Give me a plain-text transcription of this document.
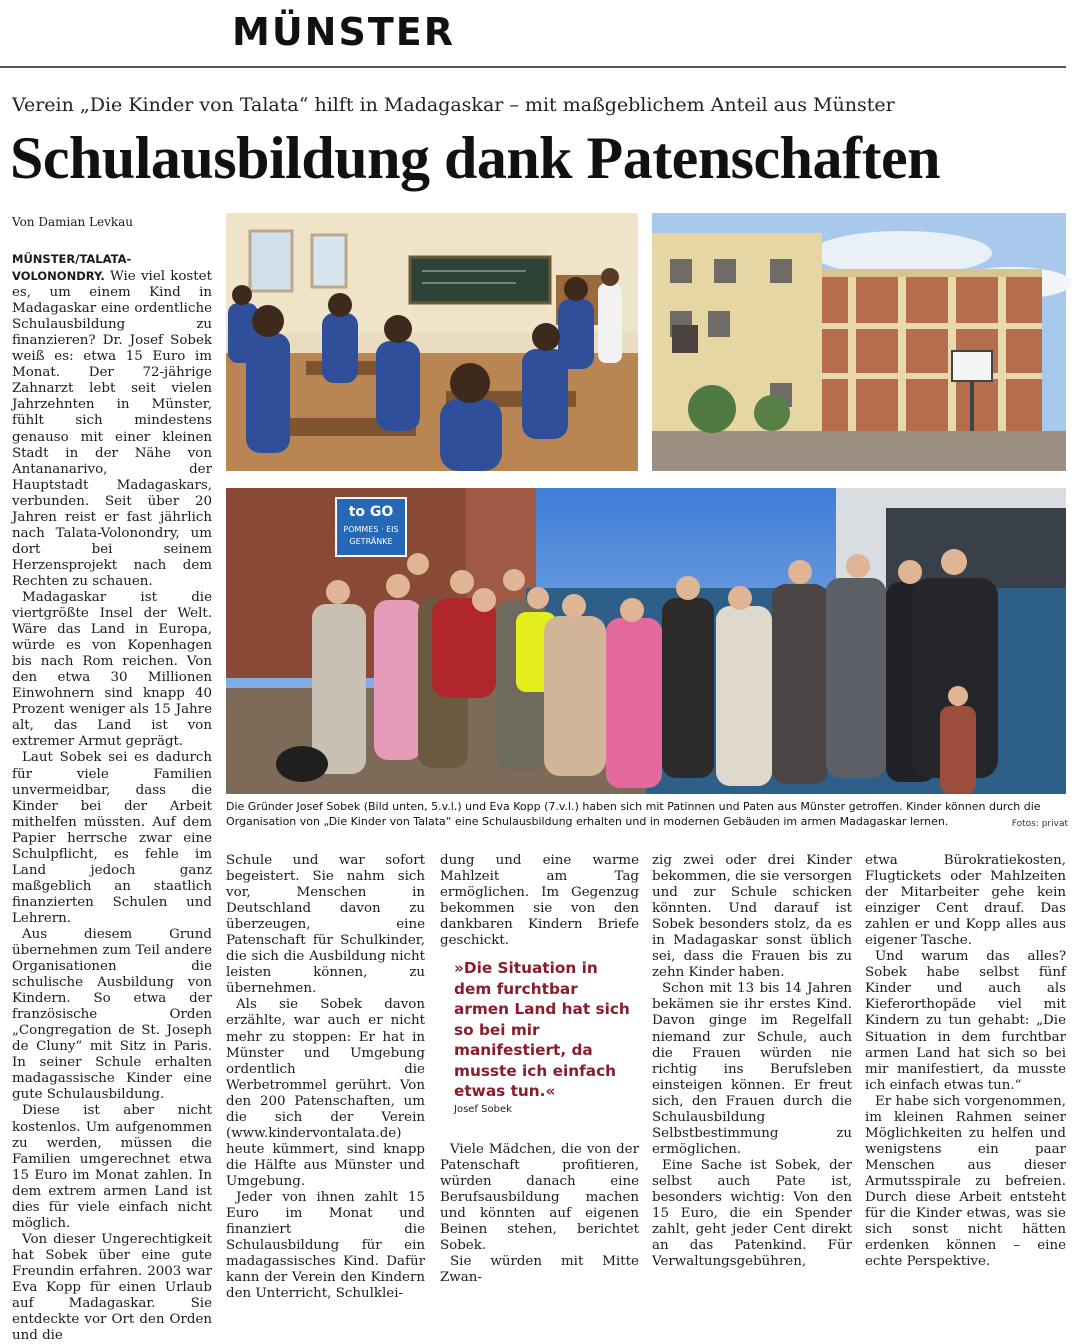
MÜNSTER
Verein „Die Kinder von Talata“ hilft in Madagaskar – mit maßgeblichem Anteil aus Münster
Schulausbildung dank Patenschaften
Von Damian Levkau

MÜNSTER/TALATA-VOLONONDRY. Wie viel kostet es, um einem Kind in Madagaskar eine ordentliche Schulausbildung zu finanzieren? Dr. Josef Sobek weiß es: etwa 15 Euro im Monat. Der 72-jährige Zahnarzt lebt seit vielen Jahrzehnten in Münster, fühlt sich mindestens genauso mit einer kleinen Stadt in der Nähe von Antananarivo, der Hauptstadt Madagaskars, verbunden. Seit über 20 Jahren reist er fast jährlich nach Talata-Volonondry, um dort bei seinem Herzensprojekt nach dem Rechten zu schauen.

Madagaskar ist die viertgrößte Insel der Welt. Wäre das Land in Europa, würde es von Kopenhagen bis nach Rom reichen. Von den etwa 30 Millionen Einwohnern sind knapp 40 Prozent weniger als 15 Jahre alt, das Land ist von extremer Armut geprägt.

Laut Sobek sei es dadurch für viele Familien unvermeidbar, dass die Kinder bei der Arbeit mithelfen müssten. Auf dem Papier herrsche zwar eine Schulpflicht, es fehle im Land jedoch ganz maßgeblich an staatlich finanzierten Schulen und Lehrern.

Aus diesem Grund übernehmen zum Teil andere Organisationen die schulische Ausbildung von Kindern. So etwa der französische Orden „Congregation de St. Joseph de Cluny“ mit Sitz in Paris. In seiner Schule erhalten madagassische Kinder eine gute Schulausbildung.

Diese ist aber nicht kostenlos. Um aufgenommen zu werden, müssen die Familien umgerechnet etwa 15 Euro im Monat zahlen. In dem extrem armen Land ist dies für viele einfach nicht möglich.

Von dieser Ungerechtigkeit hat Sobek über eine gute Freundin erfahren. 2003 war Eva Kopp für einen Urlaub auf Madagaskar. Sie entdeckte vor Ort den Orden und die

to GO
POMMES · EIS
GETRÄNKE
Die Gründer Josef Sobek (Bild unten, 5.v.l.) und Eva Kopp (7.v.l.) haben sich mit Patinnen und Paten aus Münster getroffen. Kinder können durch die Organisation von „Die Kinder von Talata“ eine Schulausbildung erhalten und in modernen Gebäuden im armen Madagaskar lernen.	Fotos: privat

Schule und war sofort begeistert. Sie nahm sich vor, Menschen in Deutschland davon zu überzeugen, eine Patenschaft für Schulkinder, die sich die Ausbildung nicht leisten können, zu übernehmen.

Als sie Sobek davon erzählte, war auch er nicht mehr zu stoppen: Er hat in Münster und Umgebung ordentlich die Werbetrommel gerührt. Von den 200 Patenschaften, um die sich der Verein (www.kindervontalata.de) heute kümmert, sind knapp die Hälfte aus Münster und Umgebung.

Jeder von ihnen zahlt 15 Euro im Monat und finanziert die Schulausbildung für ein madagassisches Kind. Dafür kann der Verein den Kindern den Unterricht, Schulklei-

dung und eine warme Mahlzeit am Tag ermöglichen. Im Gegenzug bekommen sie von den dankbaren Kindern Briefe geschickt.

»Die Situation in dem furchtbar armen Land hat sich so bei mir manifestiert, da musste ich einfach etwas tun.«
Josef Sobek

Viele Mädchen, die von der Patenschaft profitieren, würden danach eine Berufsausbildung machen und könnten auf eigenen Beinen stehen, berichtet Sobek.

Sie würden mit Mitte Zwan-

zig zwei oder drei Kinder bekommen, die sie versorgen und zur Schule schicken könnten. Und darauf ist Sobek besonders stolz, da es in Madagaskar sonst üblich sei, dass die Frauen bis zu zehn Kinder haben.

Schon mit 13 bis 14 Jahren bekämen sie ihr erstes Kind. Davon ginge im Regelfall niemand zur Schule, auch die Frauen würden nie richtig ins Berufsleben einsteigen können. Er freut sich, den Frauen durch die Schulausbildung Selbstbestimmung zu ermöglichen.

Eine Sache ist Sobek, der selbst auch Pate ist, besonders wichtig: Von den 15 Euro, die ein Spender zahlt, geht jeder Cent direkt an das Patenkind. Für Verwaltungsgebühren,

etwa Bürokratiekosten, Flugtickets oder Mahlzeiten der Mitarbeiter gehe kein einziger Cent drauf. Das zahlen er und Kopp alles aus eigener Tasche.

Und warum das alles? Sobek habe selbst fünf Kinder und auch als Kieferorthopäde viel mit Kindern zu tun gehabt: „Die Situation in dem furchtbar armen Land hat sich so bei mir manifestiert, da musste ich einfach etwas tun.“

Er habe sich vorgenommen, im kleinen Rahmen seiner Möglichkeiten zu helfen und wenigstens ein paar Menschen aus dieser Armutsspirale zu befreien. Durch diese Arbeit entsteht für die Kinder etwas, was sie sich sonst nicht hätten erdenken können – eine echte Perspektive.
